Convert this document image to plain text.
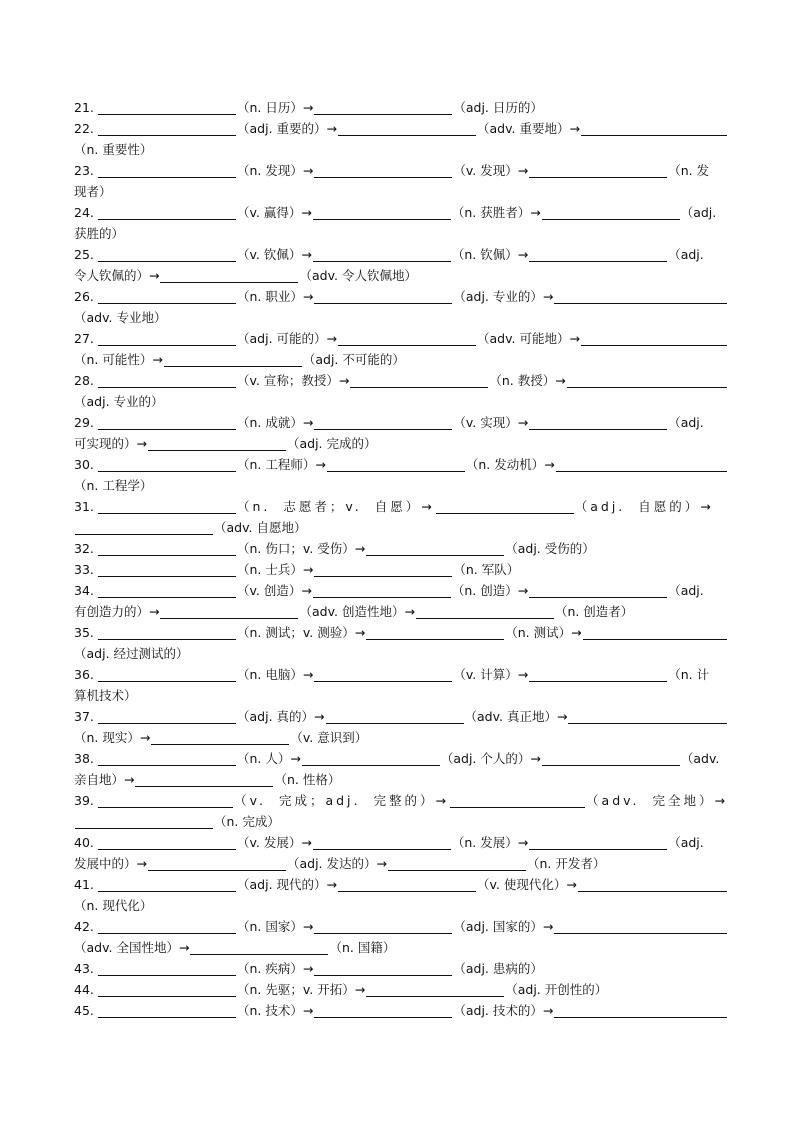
21.	（n. 日历）→	（adj. 日历的）
22.	（adj. 重要的）→	（adv. 重要地）→
（n. 重要性）
23.	（n. 发现）→	（v. 发现）→	（n. 发
现者）
24.	（v. 赢得）→	（n. 获胜者）→	（adj.
获胜的）
25.	（v. 钦佩）→	（n. 钦佩）→	（adj.
令人钦佩的）→	（adv. 令人钦佩地）
26.	（n. 职业）→	（adj. 专业的）→
（adv. 专业地）
27.	（adj. 可能的）→	（adv. 可能地）→
（n. 可能性）→	（adj. 不可能的）
28.	（v. 宣称；教授）→	（n. 教授）→
（adj. 专业的）
29.	（n. 成就）→	（v. 实现）→	（adj.
可实现的）→	（adj. 完成的）
30.	（n. 工程师）→	（n. 发动机）→
（n. 工程学）
31.	（n. 志愿者；v. 自愿）→	（adj. 自愿的）→
（adv. 自愿地）
32.	（n. 伤口；v. 受伤）→	（adj. 受伤的）
33.	（n. 士兵）→	（n. 军队）
34.	（v. 创造）→	（n. 创造）→	（adj.
有创造力的）→	（adv. 创造性地）→	（n. 创造者）
35.	（n. 测试；v. 测验）→	（n. 测试）→
（adj. 经过测试的）
36.	（n. 电脑）→	（v. 计算）→	（n. 计
算机技术）
37.	（adj. 真的）→	（adv. 真正地）→
（n. 现实）→	（v. 意识到）
38.	（n. 人）→	（adj. 个人的）→	（adv.
亲自地）→	（n. 性格）
39.	（v. 完成；adj. 完整的）→	（adv. 完全地）→
（n. 完成）
40.	（v. 发展）→	（n. 发展）→	（adj.
发展中的）→	（adj. 发达的）→	（n. 开发者）
41.	（adj. 现代的）→	（v. 使现代化）→
（n. 现代化）
42.	（n. 国家）→	（adj. 国家的）→
（adv. 全国性地）→	（n. 国籍）
43.	（n. 疾病）→	（adj. 患病的）
44.	（n. 先驱；v. 开拓）→	（adj. 开创性的）
45.	（n. 技术）→	（adj. 技术的）→
